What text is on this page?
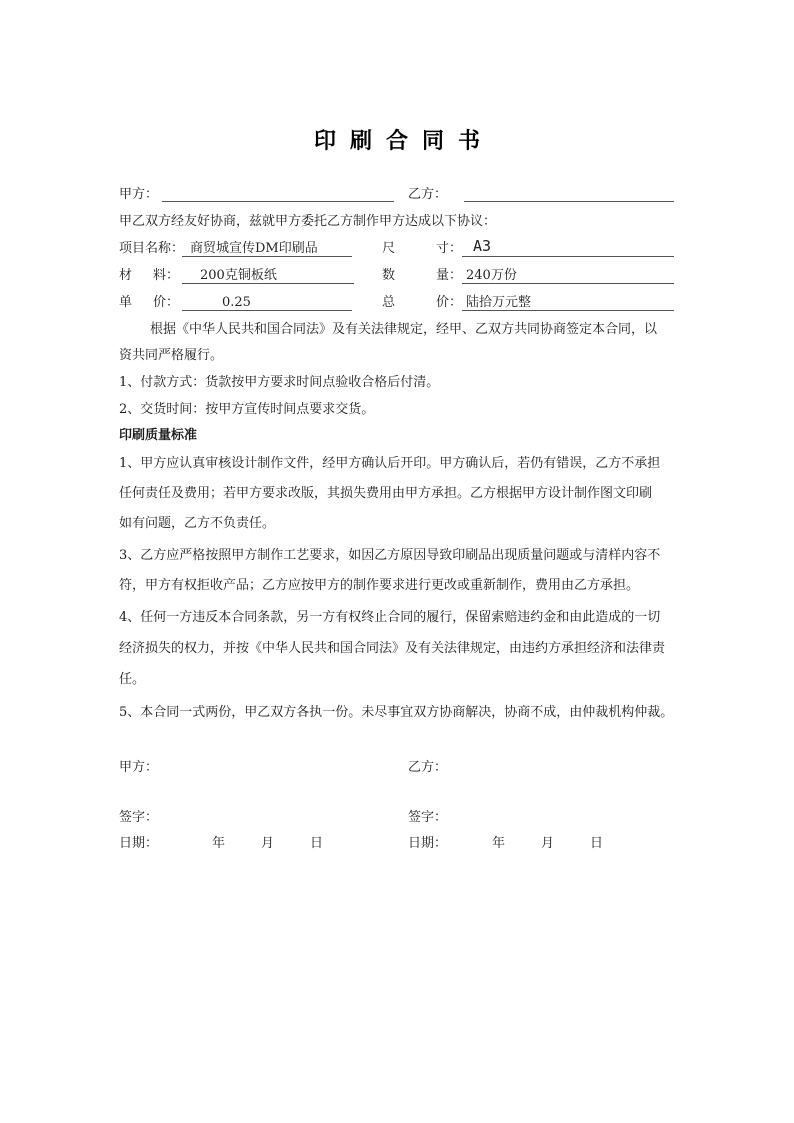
印刷合同书
甲方：	乙方：
甲乙双方经友好协商，兹就甲方委托乙方制作甲方达成以下协议：
项目名称： 商贸城宣传DM印刷品	尺	寸： A3
材 料： 200克铜板纸	数	量： 240万份
单 价：	0.25	总	价： 陆拾万元整
根据《中华人民共和国合同法》及有关法律规定，经甲、乙双方共同协商签定本合同，以
资共同严格履行。
1、付款方式：货款按甲方要求时间点验收合格后付清。
2、交货时间：按甲方宣传时间点要求交货。
印刷质量标准
1、甲方应认真审核设计制作文件，经甲方确认后开印。甲方确认后，若仍有错误，乙方不承担
任何责任及费用；若甲方要求改版，其损失费用由甲方承担。乙方根据甲方设计制作图文印刷
如有问题，乙方不负责任。
3、乙方应严格按照甲方制作工艺要求，如因乙方原因导致印刷品出现质量问题或与清样内容不
符，甲方有权拒收产品；乙方应按甲方的制作要求进行更改或重新制作，费用由乙方承担。
4、任何一方违反本合同条款，另一方有权终止合同的履行，保留索赔违约金和由此造成的一切
经济损失的权力，并按《中华人民共和国合同法》及有关法律规定，由违约方承担经济和法律责
任。
5、本合同一式两份，甲乙双方各执一份。未尽事宜双方协商解决，协商不成，由仲裁机构仲裁。
甲方：	乙方：
签字：	签字：
日期：	年	月	日	日期：	年	月	日
